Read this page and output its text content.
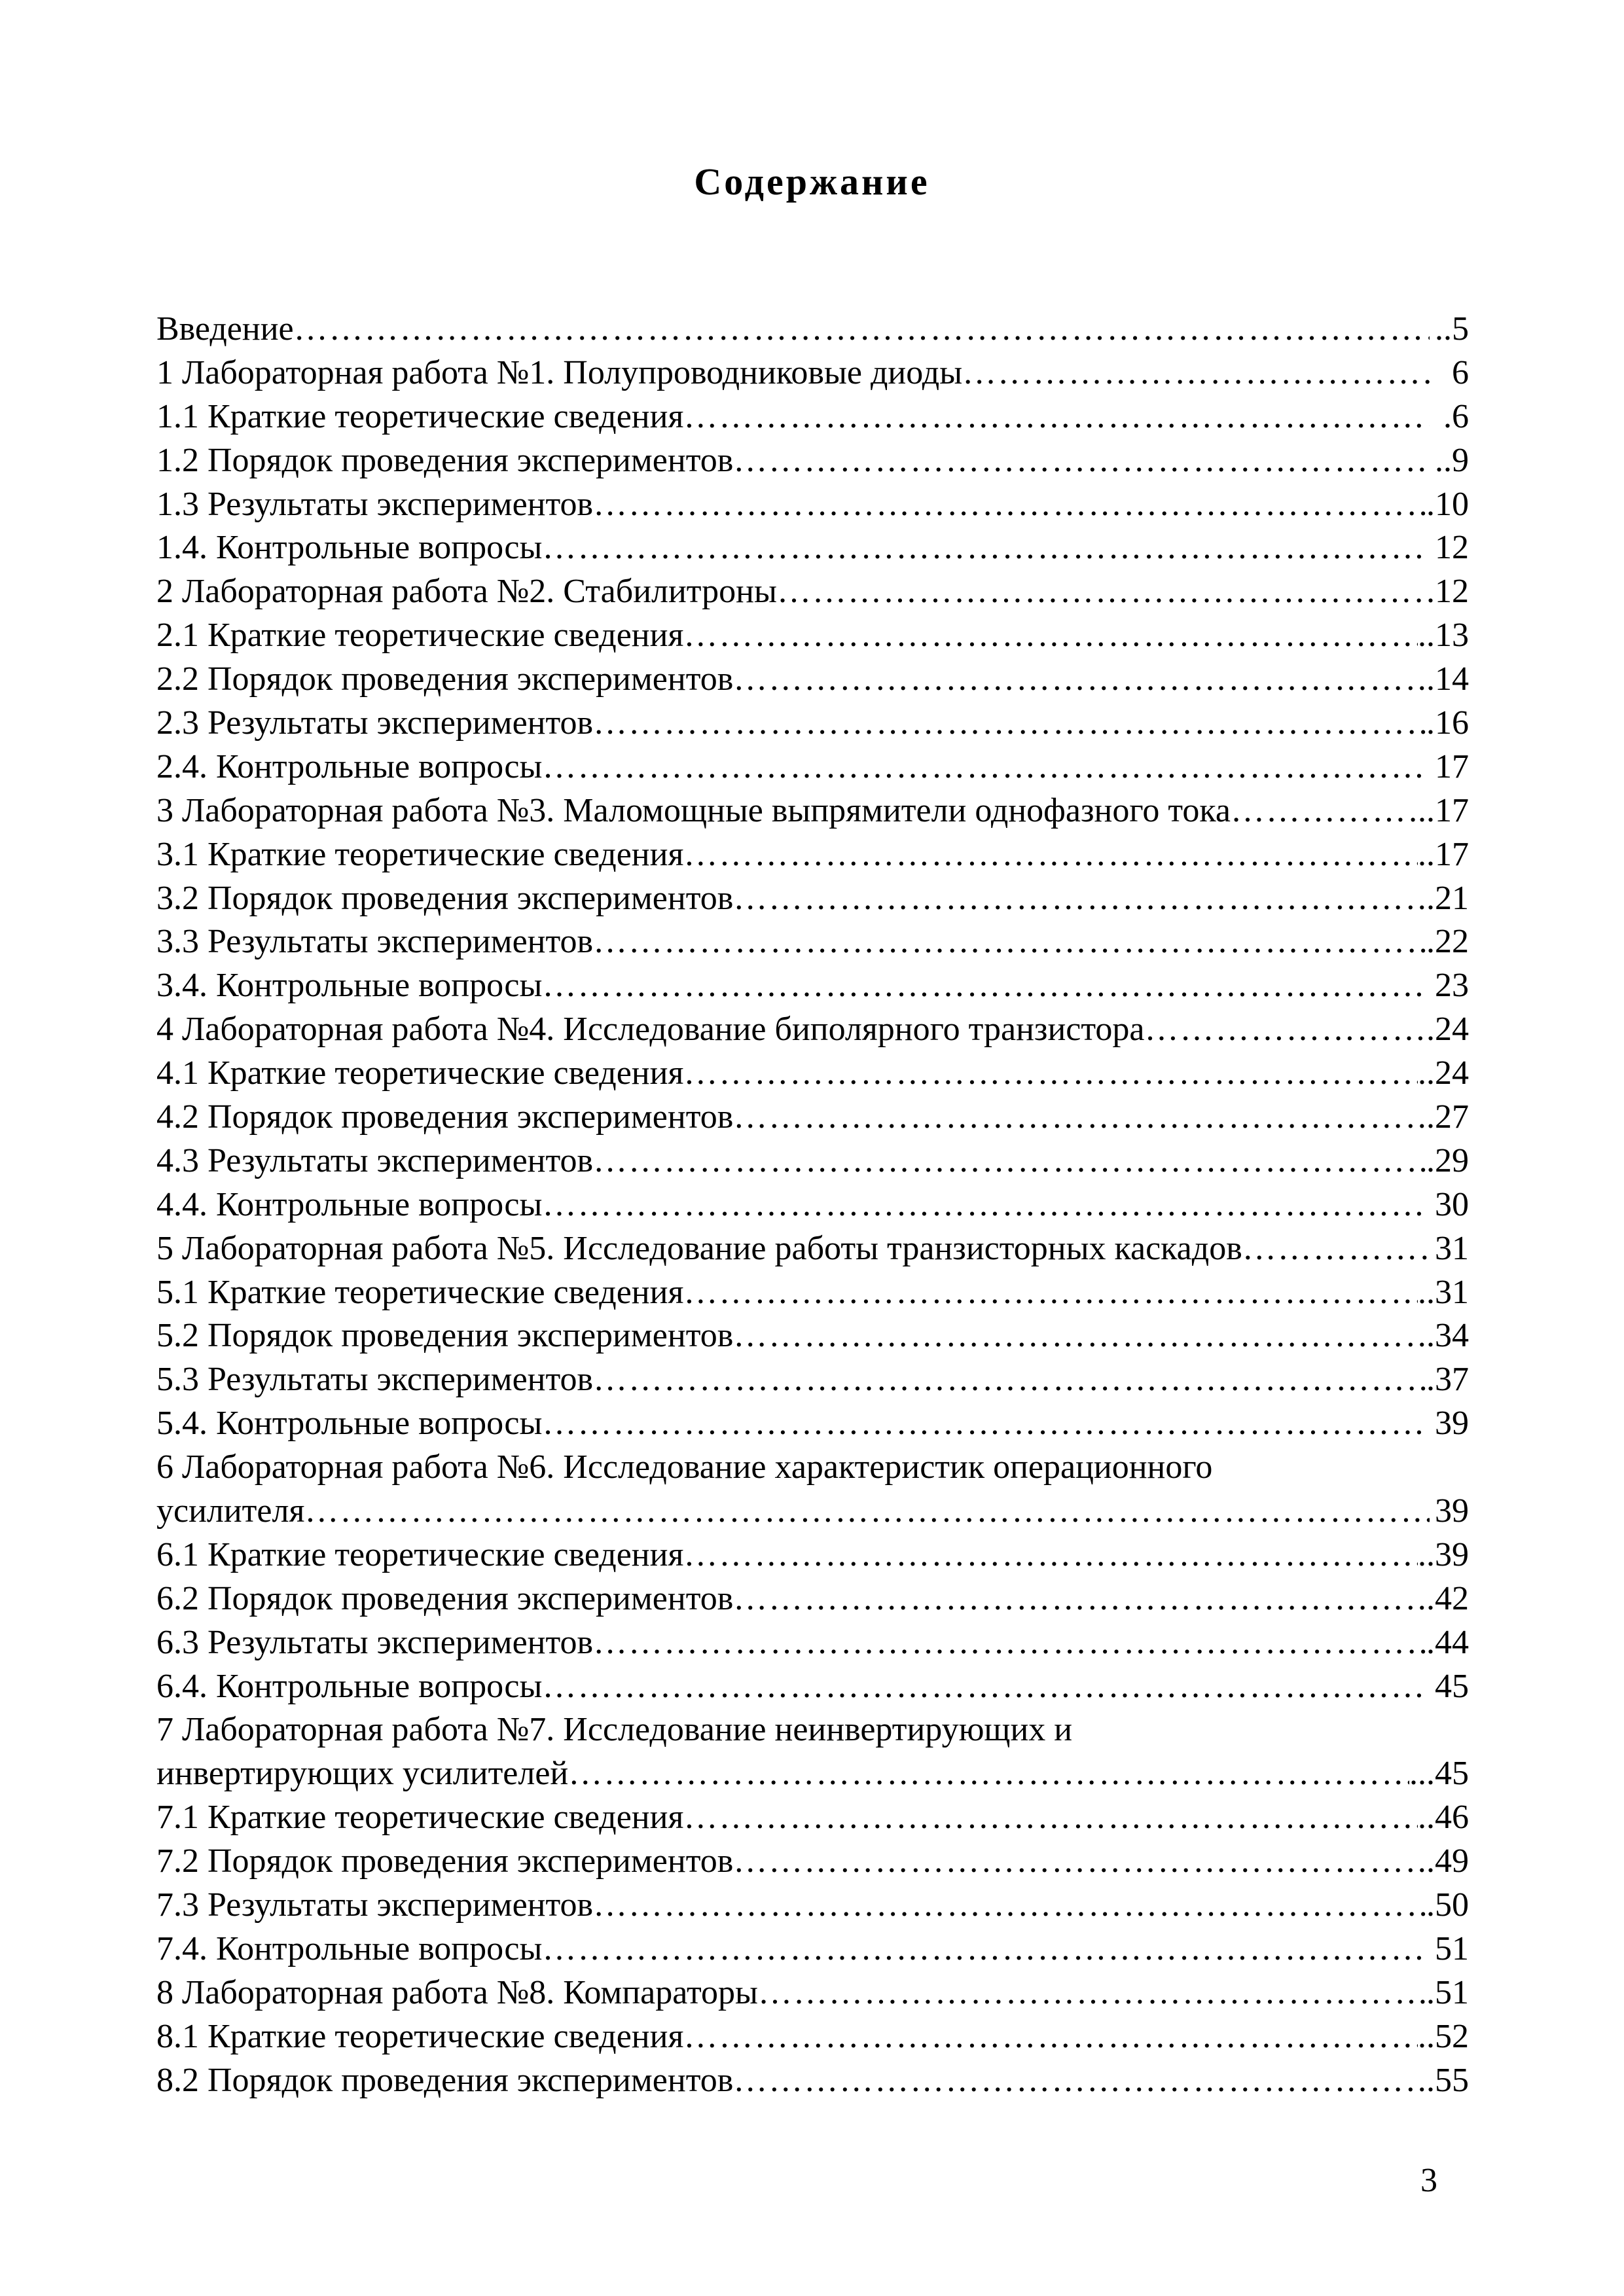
Содержание
Введение ……………………………………………………………………………………………………………………………………………………………………………………………………………	..5
1 Лабораторная работа №1. Полупроводниковые диоды ……………………………………………………………………………………………………………………………………………………………………………………………………………	6
1.1 Краткие теоретические сведения ……………………………………………………………………………………………………………………………………………………………………………………………………………	.6
1.2 Порядок проведения экспериментов ……………………………………………………………………………………………………………………………………………………………………………………………………………	..9
1.3 Результаты экспериментов ……………………………………………………………………………………………………………………………………………………………………………………………………………	.10
1.4. Контрольные вопросы ……………………………………………………………………………………………………………………………………………………………………………………………………………	12
2 Лабораторная работа №2. Стабилитроны ……………………………………………………………………………………………………………………………………………………………………………………………………………	.12
2.1 Краткие теоретические сведения ……………………………………………………………………………………………………………………………………………………………………………………………………………	..13
2.2 Порядок проведения экспериментов ……………………………………………………………………………………………………………………………………………………………………………………………………………	.14
2.3 Результаты экспериментов ……………………………………………………………………………………………………………………………………………………………………………………………………………	.16
2.4. Контрольные вопросы ……………………………………………………………………………………………………………………………………………………………………………………………………………	17
3 Лабораторная работа №3. Маломощные выпрямители однофазного тока ……………………………………………………………………………………………………………………………………………………………………………………………………………	..17
3.1 Краткие теоретические сведения ……………………………………………………………………………………………………………………………………………………………………………………………………………	..17
3.2 Порядок проведения экспериментов ……………………………………………………………………………………………………………………………………………………………………………………………………………	.21
3.3 Результаты экспериментов ……………………………………………………………………………………………………………………………………………………………………………………………………………	.22
3.4. Контрольные вопросы ……………………………………………………………………………………………………………………………………………………………………………………………………………	23
4 Лабораторная работа №4. Исследование биполярного транзистора ……………………………………………………………………………………………………………………………………………………………………………………………………………	.24
4.1 Краткие теоретические сведения ……………………………………………………………………………………………………………………………………………………………………………………………………………	..24
4.2 Порядок проведения экспериментов ……………………………………………………………………………………………………………………………………………………………………………………………………………	.27
4.3 Результаты экспериментов ……………………………………………………………………………………………………………………………………………………………………………………………………………	.29
4.4. Контрольные вопросы ……………………………………………………………………………………………………………………………………………………………………………………………………………	30
5 Лабораторная работа №5. Исследование работы транзисторных каскадов ……………………………………………………………………………………………………………………………………………………………………………………………………………	31
5.1 Краткие теоретические сведения ……………………………………………………………………………………………………………………………………………………………………………………………………………	..31
5.2 Порядок проведения экспериментов ……………………………………………………………………………………………………………………………………………………………………………………………………………	.34
5.3 Результаты экспериментов ……………………………………………………………………………………………………………………………………………………………………………………………………………	.37
5.4. Контрольные вопросы ……………………………………………………………………………………………………………………………………………………………………………………………………………	39
6 Лабораторная работа №6. Исследование характеристик операционного
усилителя ……………………………………………………………………………………………………………………………………………………………………………………………………………	39
6.1 Краткие теоретические сведения ……………………………………………………………………………………………………………………………………………………………………………………………………………	..39
6.2 Порядок проведения экспериментов ……………………………………………………………………………………………………………………………………………………………………………………………………………	.42
6.3 Результаты экспериментов ……………………………………………………………………………………………………………………………………………………………………………………………………………	.44
6.4. Контрольные вопросы ……………………………………………………………………………………………………………………………………………………………………………………………………………	45
7 Лабораторная работа №7. Исследование неинвертирующих и
инвертирующих усилителей ……………………………………………………………………………………………………………………………………………………………………………………………………………	...45
7.1 Краткие теоретические сведения ……………………………………………………………………………………………………………………………………………………………………………………………………………	..46
7.2 Порядок проведения экспериментов ……………………………………………………………………………………………………………………………………………………………………………………………………………	.49
7.3 Результаты экспериментов ……………………………………………………………………………………………………………………………………………………………………………………………………………	.50
7.4. Контрольные вопросы ……………………………………………………………………………………………………………………………………………………………………………………………………………	51
8 Лабораторная работа №8. Компараторы ……………………………………………………………………………………………………………………………………………………………………………………………………………	.51
8.1 Краткие теоретические сведения ……………………………………………………………………………………………………………………………………………………………………………………………………………	..52
8.2 Порядок проведения экспериментов ……………………………………………………………………………………………………………………………………………………………………………………………………………	.55
3
